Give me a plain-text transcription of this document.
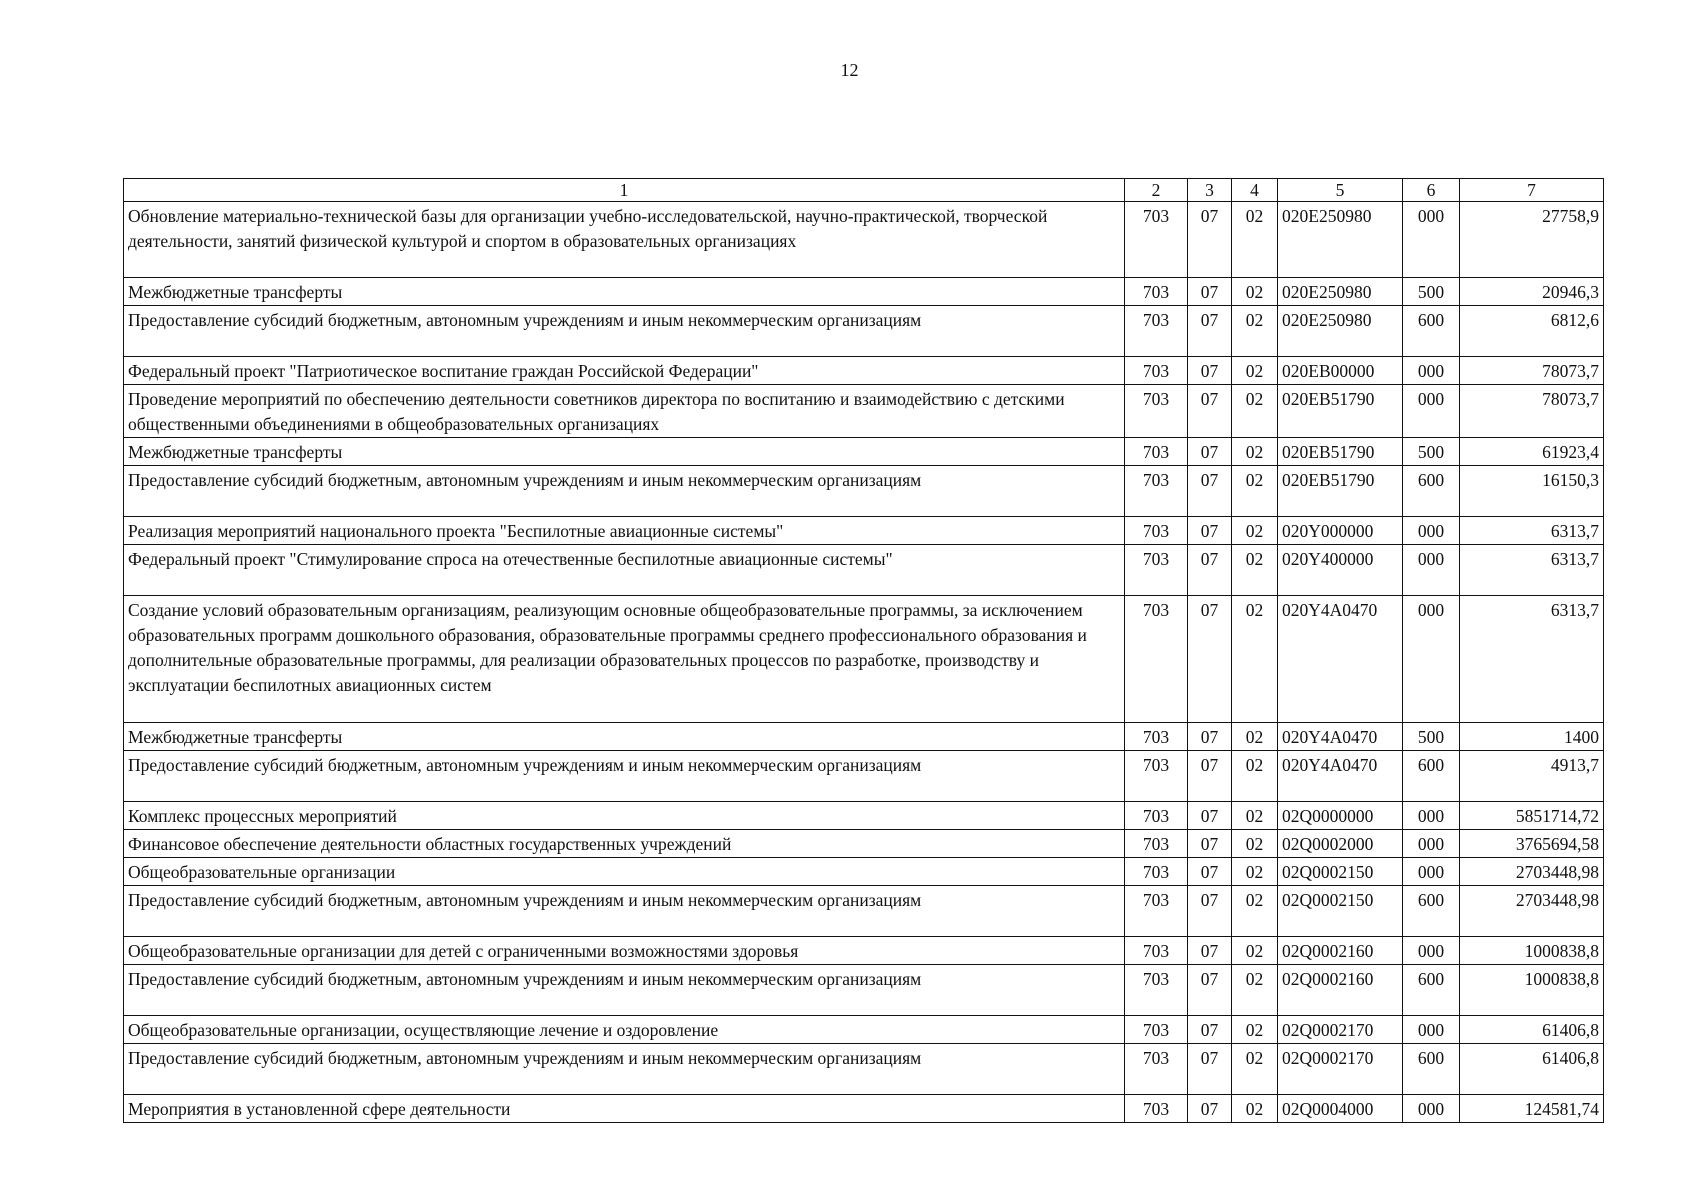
12
1	2	3	4	5	6	7
Обновление материально-технической базы для организации учебно-исследовательской, научно-практической, творческой деятельности, занятий физической культурой и спортом в образовательных организациях	703	07	02	020Е250980	000	27758,9
Межбюджетные трансферты	703	07	02	020Е250980	500	20946,3
Предоставление субсидий бюджетным, автономным учреждениям и иным некоммерческим организациям	703	07	02	020Е250980	600	6812,6
Федеральный проект "Патриотическое воспитание граждан Российской Федерации"	703	07	02	020ЕВ00000	000	78073,7
Проведение мероприятий по обеспечению деятельности советников директора по воспитанию и взаимодействию с детскими общественными объединениями в общеобразовательных организациях	703	07	02	020ЕВ51790	000	78073,7
Межбюджетные трансферты	703	07	02	020ЕВ51790	500	61923,4
Предоставление субсидий бюджетным, автономным учреждениям и иным некоммерческим организациям	703	07	02	020ЕВ51790	600	16150,3
Реализация мероприятий национального проекта "Беспилотные авиационные системы"	703	07	02	020Y000000	000	6313,7
Федеральный проект "Стимулирование спроса на отечественные беспилотные авиационные системы"	703	07	02	020Y400000	000	6313,7
Создание условий образовательным организациям, реализующим основные общеобразовательные программы, за исключением образовательных программ дошкольного образования, образовательные программы среднего профессионального образования и дополнительные образовательные программы, для реализации образовательных процессов по разработке, производству и эксплуатации беспилотных авиационных систем	703	07	02	020Y4A0470	000	6313,7
Межбюджетные трансферты	703	07	02	020Y4A0470	500	1400
Предоставление субсидий бюджетным, автономным учреждениям и иным некоммерческим организациям	703	07	02	020Y4A0470	600	4913,7
Комплекс процессных мероприятий	703	07	02	02Q0000000	000	5851714,72
Финансовое обеспечение деятельности областных государственных учреждений	703	07	02	02Q0002000	000	3765694,58
Общеобразовательные организации	703	07	02	02Q0002150	000	2703448,98
Предоставление субсидий бюджетным, автономным учреждениям и иным некоммерческим организациям	703	07	02	02Q0002150	600	2703448,98
Общеобразовательные организации для детей с ограниченными возможностями здоровья	703	07	02	02Q0002160	000	1000838,8
Предоставление субсидий бюджетным, автономным учреждениям и иным некоммерческим организациям	703	07	02	02Q0002160	600	1000838,8
Общеобразовательные организации, осуществляющие лечение и оздоровление	703	07	02	02Q0002170	000	61406,8
Предоставление субсидий бюджетным, автономным учреждениям и иным некоммерческим организациям	703	07	02	02Q0002170	600	61406,8
Мероприятия в установленной сфере деятельности	703	07	02	02Q0004000	000	124581,74
